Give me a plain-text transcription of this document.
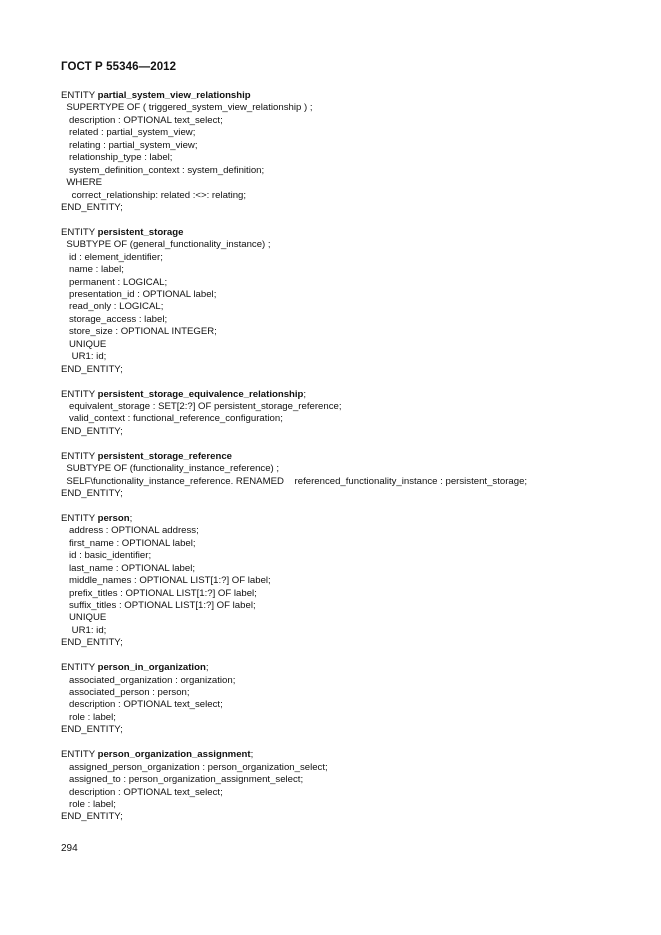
ГОСТ Р 55346—2012
ENTITY partial_system_view_relationship
SUPERTYPE OF ( triggered_system_view_relationship ) ;
description : OPTIONAL text_select;
related : partial_system_view;
relating : partial_system_view;
relationship_type : label;
system_definition_context : system_definition;
WHERE
correct_relationship: related :<>: relating;
END_ENTITY;
ENTITY persistent_storage
SUBTYPE OF (general_functionality_instance) ;
id : element_identifier;
name : label;
permanent : LOGICAL;
presentation_id : OPTIONAL label;
read_only : LOGICAL;
storage_access : label;
store_size : OPTIONAL INTEGER;
UNIQUE
UR1: id;
END_ENTITY;
ENTITY persistent_storage_equivalence_relationship;
equivalent_storage : SET[2:?] OF persistent_storage_reference;
valid_context : functional_reference_configuration;
END_ENTITY;
ENTITY persistent_storage_reference
SUBTYPE OF (functionality_instance_reference) ;
SELF\functionality_instance_reference. RENAMED    referenced_functionality_instance : persistent_storage;
END_ENTITY;
ENTITY person;
address : OPTIONAL address;
first_name : OPTIONAL label;
id : basic_identifier;
last_name : OPTIONAL label;
middle_names : OPTIONAL LIST[1:?] OF label;
prefix_titles : OPTIONAL LIST[1:?] OF label;
suffix_titles : OPTIONAL LIST[1:?] OF label;
UNIQUE
UR1: id;
END_ENTITY;
ENTITY person_in_organization;
associated_organization : organization;
associated_person : person;
description : OPTIONAL text_select;
role : label;
END_ENTITY;
ENTITY person_organization_assignment;
assigned_person_organization : person_organization_select;
assigned_to : person_organization_assignment_select;
description : OPTIONAL text_select;
role : label;
END_ENTITY;
294
